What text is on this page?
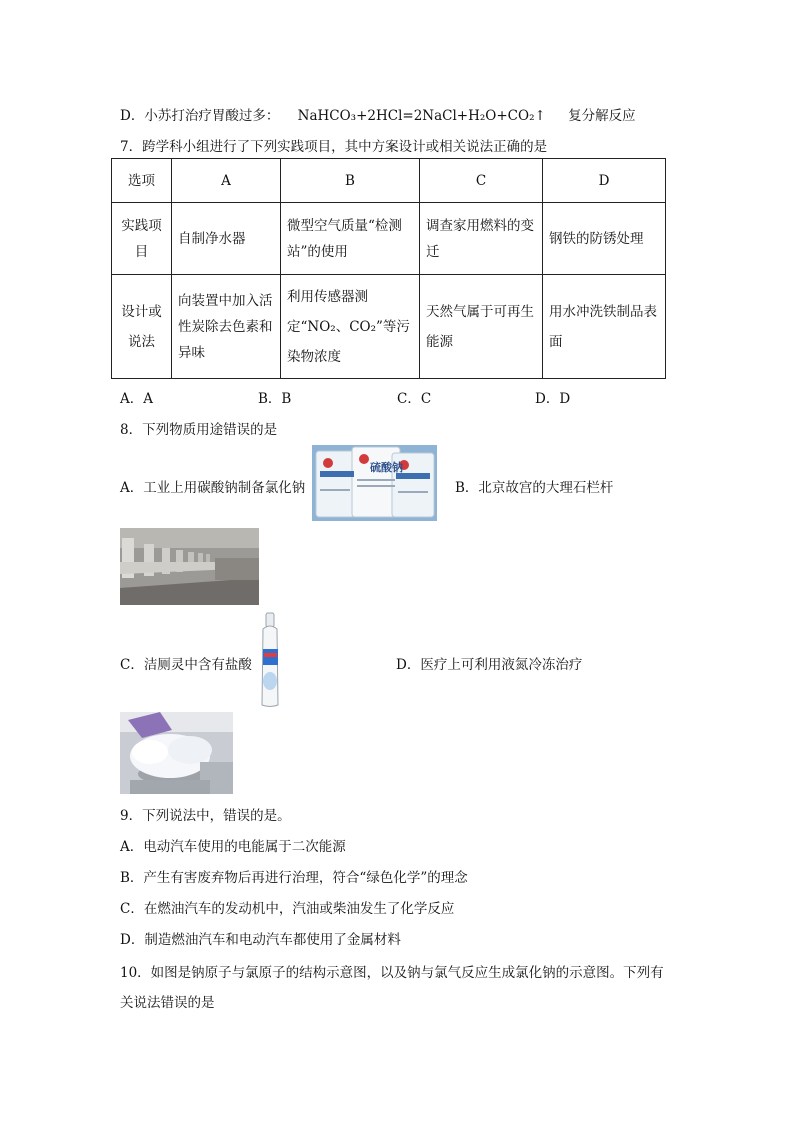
D．小苏打治疗胃酸过多： NaHCO₃+2HCl=2NaCl+H₂O+CO₂↑ 复分解反应
7．跨学科小组进行了下列实践项目，其中方案设计或相关说法正确的是
选项	A	B	C	D
实践项目	自制净水器	微型空气质量“检测站”的使用	调查家用燃料的变迁	钢铁的防锈处理
设计或说法	向装置中加入活性炭除去色素和异味	利用传感器测定“NO₂、CO₂”等污染物浓度	天然气属于可再生能源	用水冲洗铁制品表面
A．A	B．B	C．C	D．D
8．下列物质用途错误的是
A．工业上用碳酸钠制备氯化钠
硫酸钠
B．北京故宫的大理石栏杆
C．洁厕灵中含有盐酸	D．医疗上可利用液氮冷冻治疗
9．下列说法中，错误的是。
A．电动汽车使用的电能属于二次能源
B．产生有害废弃物后再进行治理，符合“绿色化学”的理念
C．在燃油汽车的发动机中，汽油或柴油发生了化学反应
D．制造燃油汽车和电动汽车都使用了金属材料
10．如图是钠原子与氯原子的结构示意图，以及钠与氯气反应生成氯化钠的示意图。下列有
关说法错误的是
